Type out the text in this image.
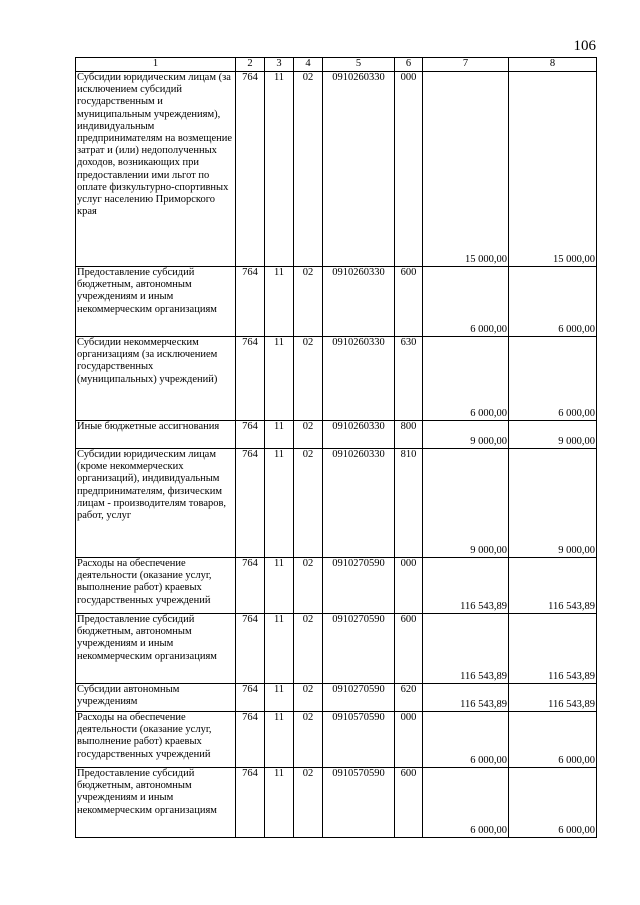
106
1	2	3	4	5	6	7	8
Субсидии юридическим лицам (за исключением субсидий государственным и муниципальным учреждениям), индивидуальным предпринимателям на возмещение затрат и (или) недополученных доходов, возникающих при предоставлении ими льгот по оплате физкультурно-спортивных услуг населению Приморского края	764	11	02	0910260330	000	15 000,00	15 000,00
Предоставление субсидий бюджетным, автономным учреждениям и иным некоммерческим организациям	764	11	02	0910260330	600	6 000,00	6 000,00
Субсидии некоммерческим организациям (за исключением государственных (муниципальных) учреждений)	764	11	02	0910260330	630	6 000,00	6 000,00
Иные бюджетные ассигнования	764	11	02	0910260330	800	9 000,00	9 000,00
Субсидии юридическим лицам (кроме некоммерческих организаций), индивидуальным предпринимателям, физическим лицам - производителям товаров, работ, услуг	764	11	02	0910260330	810	9 000,00	9 000,00
Расходы на обеспечение деятельности (оказание услуг, выполнение работ) краевых государственных учреждений	764	11	02	0910270590	000	116 543,89	116 543,89
Предоставление субсидий бюджетным, автономным учреждениям и иным некоммерческим организациям	764	11	02	0910270590	600	116 543,89	116 543,89
Субсидии автономным учреждениям	764	11	02	0910270590	620	116 543,89	116 543,89
Расходы на обеспечение деятельности (оказание услуг, выполнение работ) краевых государственных учреждений	764	11	02	0910570590	000	6 000,00	6 000,00
Предоставление субсидий бюджетным, автономным учреждениям и иным некоммерческим организациям	764	11	02	0910570590	600	6 000,00	6 000,00
